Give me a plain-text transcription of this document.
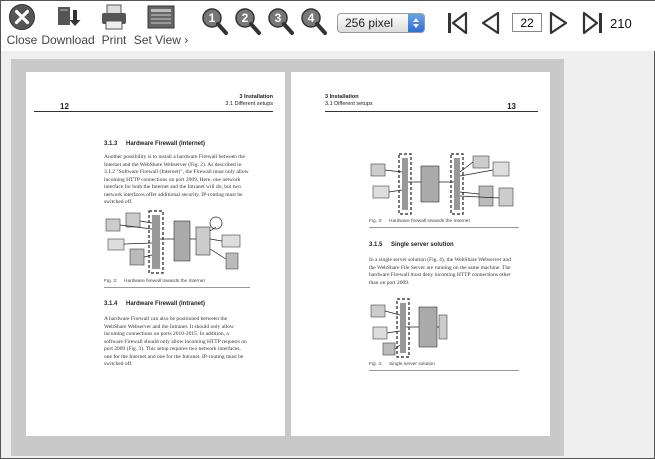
Close Download Print Set View ›
1 2 3 4	256 pixel
22	210
3 Installation
3.1 Different setups
12
3.1.3 Hardware Firewall (Internet)
Another possibility is to install a hardware Firewall between the Internet and the WebShare Webserver (Fig. 2). As described in 3.1.2 "Software Firewall (Internet)", the Firewall must only allow incoming HTTP connections on port 2009. Here, one network interface for both the Internet and the Intranet will do, but two network interfaces offer additional security. IP-routing must be switched off.
Fig. 2: Hardware firewall towards the Internet
3.1.4 Hardware Firewall (Intranet)
A hardware Firewall can also be positioned between the WebShare Webserver and the Intranet. It should only allow incoming connections on ports 2010-2015. In addition, a software Firewall should only allow incoming HTTP requests on port 2009 (Fig. 3). This setup requires two network interfaces, one for the Internet and one for the Intranet. IP-routing must be switched off.
3 Installation
3.1 Different setups	13
Fig. 3: Hardware firewall towards the Internet
3.1.5 Single server solution
In a single server solution (Fig. 4), the WebShare Webserver and the WebShare File Server are running on the same machine. The hardware Firewall must deny incoming HTTP connections other than on port 2009.
Fig. 4: Single server solution
